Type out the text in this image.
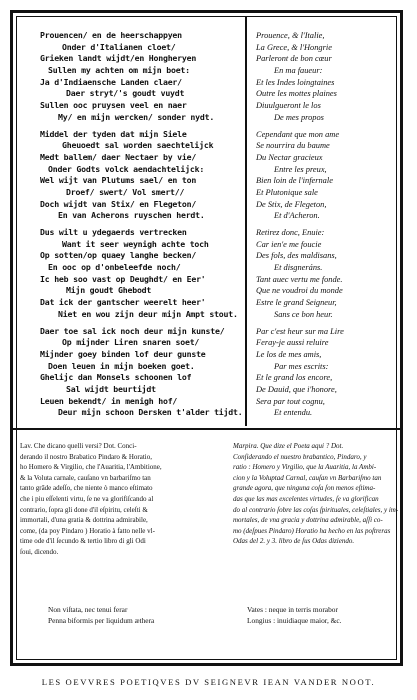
Prouencen/ en de heerschappyen
Onder d'Italianen cloet/
Grieken landt wijdt/en Hongheryen
Sullen my achten om mijn boet:
Ja d'Indiaensche Landen claer/
Daer stryt/'s goudt vuydt
Sullen ooc pruysen veel en naer
My/ en mijn wercken/ sonder nydt.
Middel der tyden dat mijn Siele
Gheuoedt sal worden saechtelijck
Medt ballem/ daer Nectaer by vie/
Onder Godts volck aendachtelijck:
Wel wijt van Plutums sael/ en ton
Droef/ swert/ Vol smert//
Doch wijdt van Stix/ en Flegeton/
En van Acherons ruyschen herdt.
Dus wilt u ydegaerds vertrecken
Want it seer weynigh achte toch
Op sotten/op quaey langhe becken/
En ooc op d'onbeleefde noch/
Ic heb soo vast op Deughdt/ en Eer'
Mijn goudt Ghebodt
Dat ick der gantscher weerelt heer'
Niet en wou zijn deur mijn Ampt stout.
Daer toe sal ick noch deur mijn kunste/
Op mijnder Liren snaren soet/
Mijnder goey binden lof deur gunste
Doen leuen in mijn boeken goet.
Ghelijc dan Monsels schoonen lof
Sal wijdt beurtijdt
Leuen bekendt/ in menigh hof/
Deur mijn schoon Dersken t'alder tijdt.
Prouence, & l'Italie,
La Grece, & l'Hongrie
Parleront de bon cœur
En ma faueur:
Et les Indes loingtaines
Outre les mottes plaines
Diuulgueront le los
De mes propos
Cependant que mon ame
Se nourrira du baume
Du Nectar gracieux
Entre les preux,
Bien loin de l'infernale
Et Plutonique sale
De Stix, de Flegeton,
Et d'Acheron.
Retirez donc, Enuie:
Car ien'e me foucie
Des fols, des maldisans,
Et disgneráns.
Tant auec vertu me fonde.
Que ne voudroi du monde
Estre le grand Seigneur,
Sans ce bon heur.
Par c'est heur sur ma Lire
Feray-je aussi reluire
Le los de mes amis,
Par mes escrits:
Et le grand los encore,
De Dauid, que i'honore,
Sera par tout cognu,
Et entendu.
Lav. Che dicano quelli versi? Dot. Conci-
derando il nostro Brabatico Pindaro & Horatio,
ho Homero & Virgilio, che l'Auaritia, l'Ambitione,
& la Voluta carnale, cauſano vn barbariſmo tan
tanto grāde adeſſo, che niente ò manco eſtimato
che i piu eſſelenti virtu, ſe ne va glorifiſcando al
contrario, ſopra gli done d'il eſpiritu, celeſti &
immortali, d'una gratia & dottrina admirabile,
come, (da poy Pindaro ) Horatio à fatto nelle vl-
time ode d'il ſecundo & tertio libro di gli Odi
ſoui, dicendo.
Marpira. Que dize el Poeta aqui ? Dot.
Conſiderando el nuestro brabantico, Pindaro, y
ratio : Homero y Virgilio, que la Auaritia, la Ambi-
cion y la Voluptad Carnal, cauſan vn Barbariſmo tan
grande agora, que ninguna coſa ſon menos eſtima-
das que las mas excelentes virtudes, ſe va glorifican
do al contrario ſobre las coſas ſpirituales, celeſtiales, y im-
mortales, de vna gracia y dottrina admirable, aſſi co-
mo (deſpues Pindaro) Horatio ha hecho en las poſtreras
Odas del 2. y 3. libro de ſus Odas diziendo.
Non viſtata, nec tenui ferar
Penna biformis per liquidum æthera
Vates : neque in terris morabor
Longius : inuidiaque maior, &c.
LES OEVVRES POETIQVES DV SEIGNEVR IEAN VANDER NOOT.
